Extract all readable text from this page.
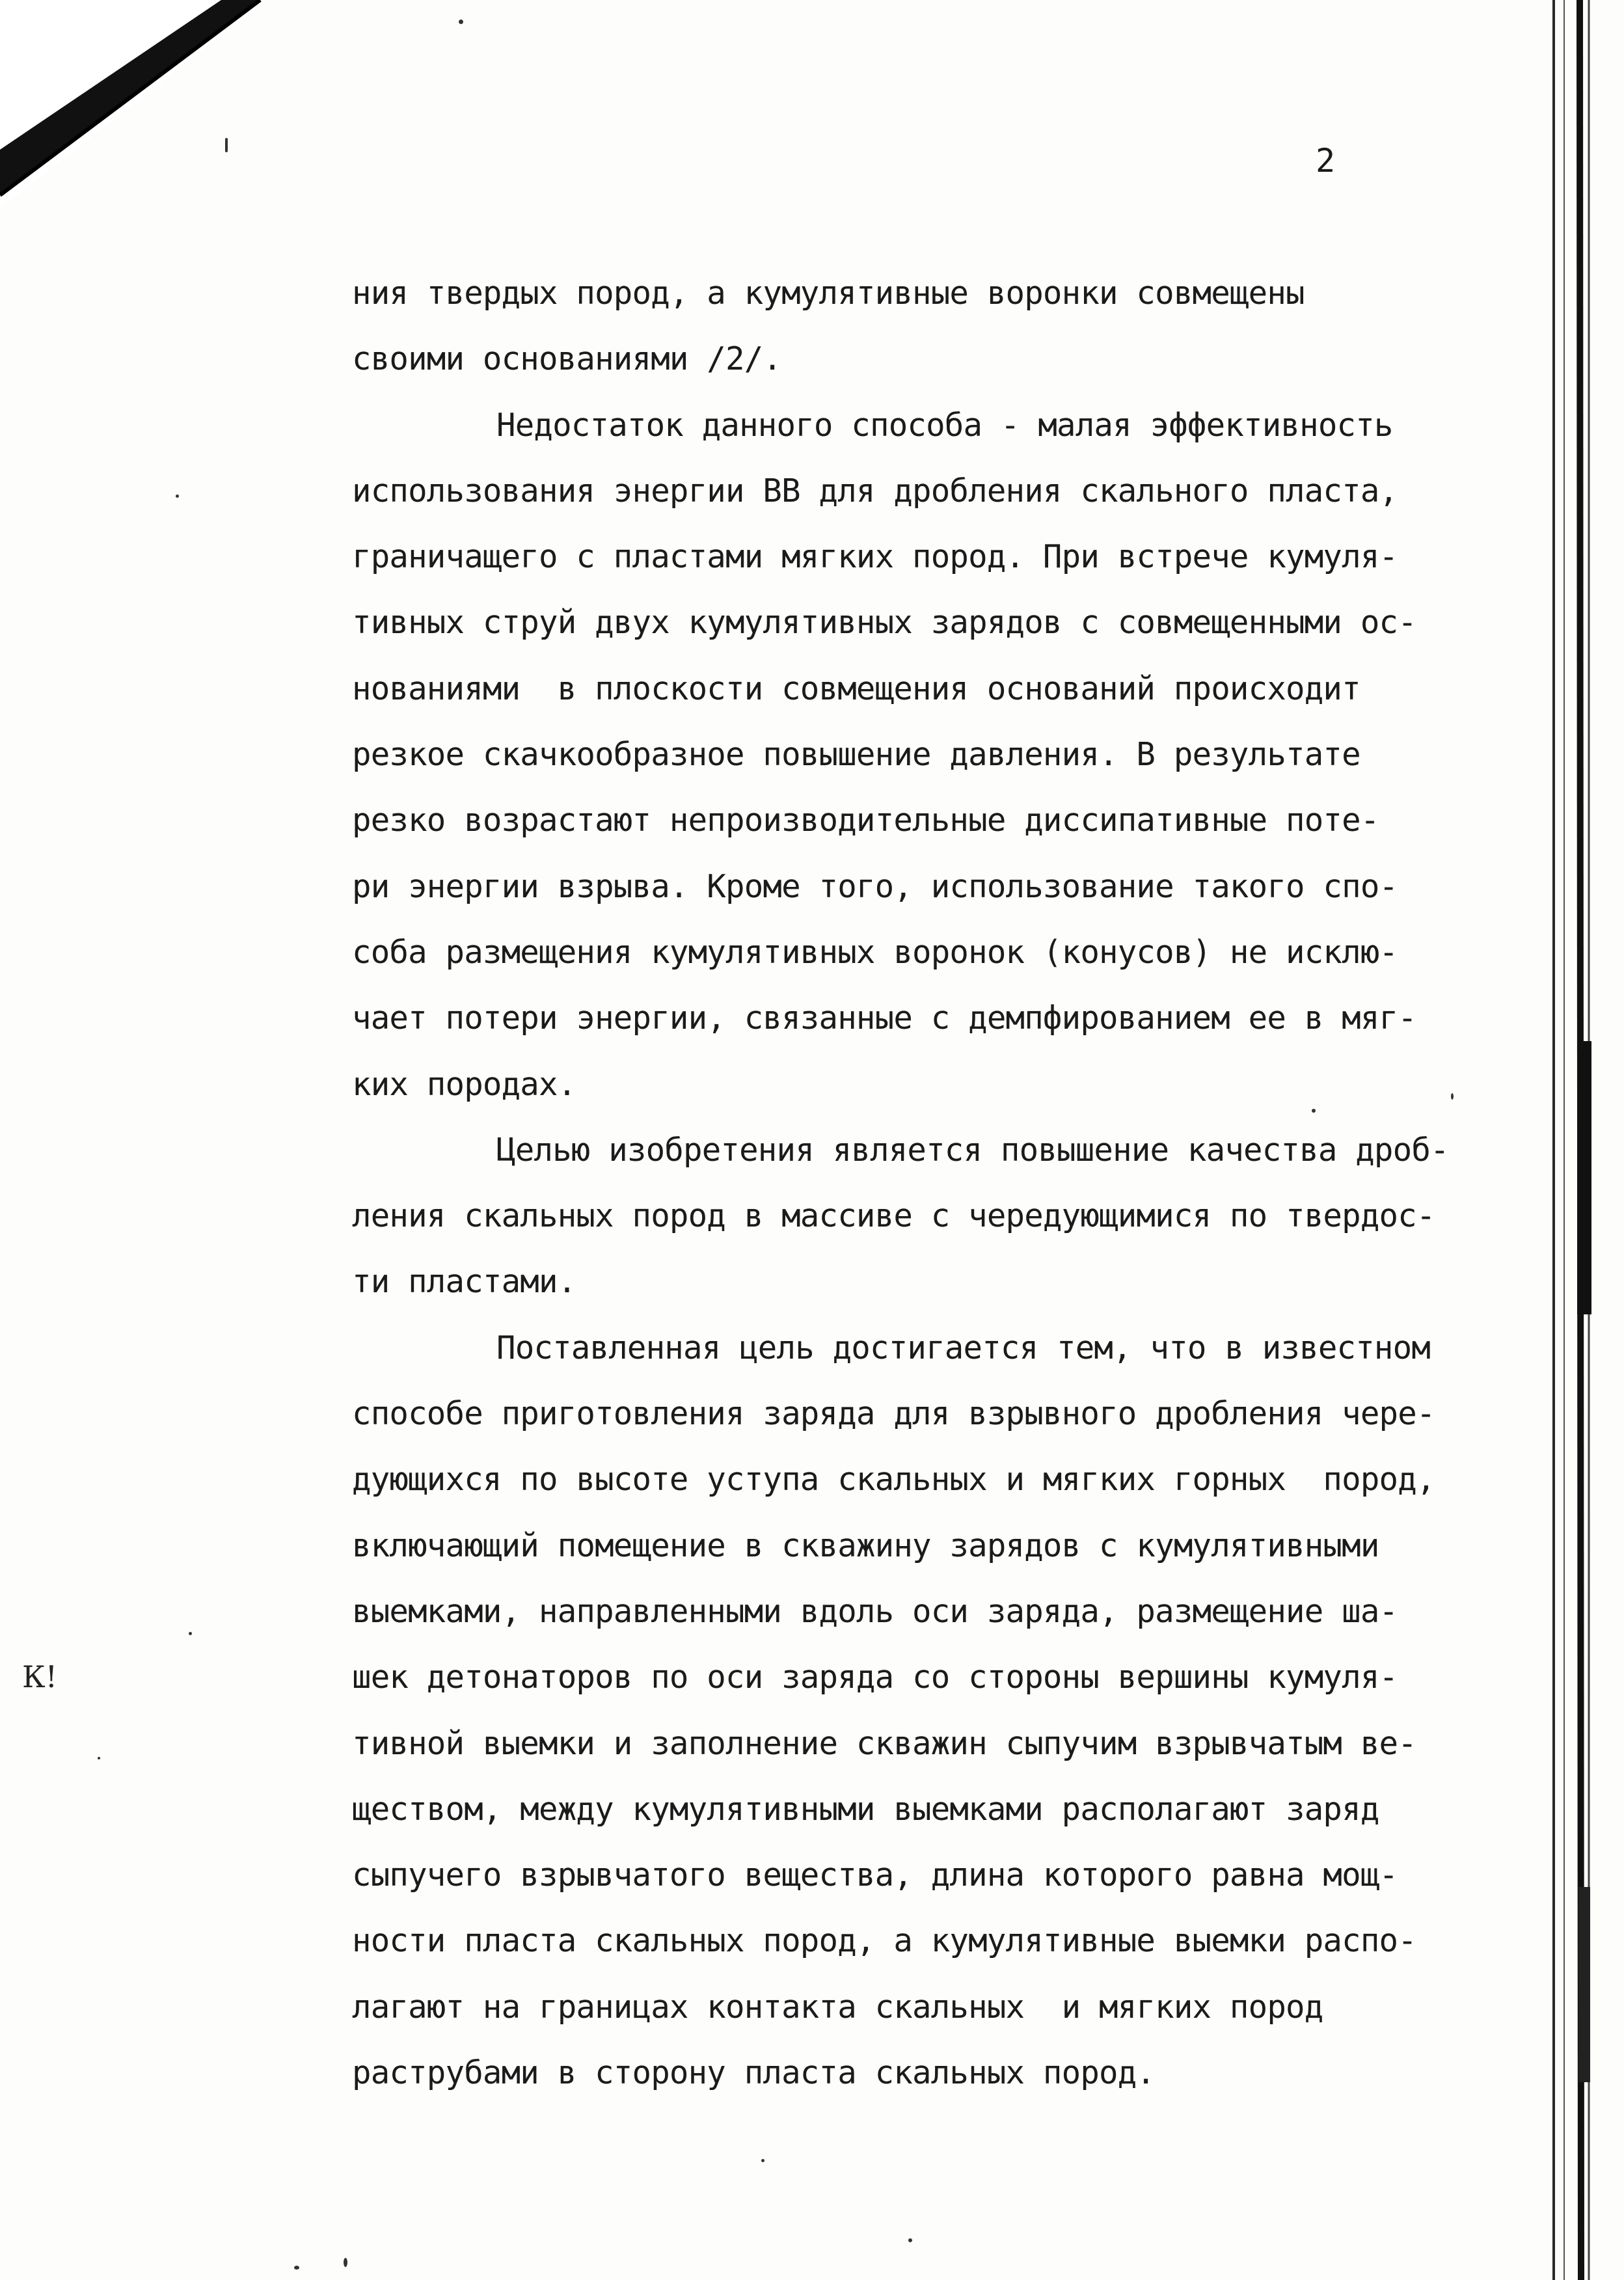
2
К!
ния твердых пород, а кумулятивные воронки совмещены
своими основаниями /2/.
Недостаток данного способа - малая эффективность
использования энергии ВВ для дробления скального пласта,
граничащего с пластами мягких пород. При встрече кумуля-
тивных струй двух кумулятивных зарядов с совмещенными ос-
нованиями  в плоскости совмещения оснований происходит
резкое скачкообразное повышение давления. В результате
резко возрастают непроизводительные диссипативные поте-
ри энергии взрыва. Кроме того, использование такого спо-
соба размещения кумулятивных воронок (конусов) не исклю-
чает потери энергии, связанные с демпфированием ее в мяг-
ких породах.
Целью изобретения является повышение качества дроб-
ления скальных пород в массиве с чередующимися по твердос-
ти пластами.
Поставленная цель достигается тем, что в известном
способе приготовления заряда для взрывного дробления чере-
дующихся по высоте уступа скальных и мягких горных  пород,
включающий помещение в скважину зарядов с кумулятивными
выемками, направленными вдоль оси заряда, размещение ша-
шек детонаторов по оси заряда со стороны вершины кумуля-
тивной выемки и заполнение скважин сыпучим взрывчатым ве-
ществом, между кумулятивными выемками располагают заряд
сыпучего взрывчатого вещества, длина которого равна мощ-
ности пласта скальных пород, а кумулятивные выемки распо-
лагают на границах контакта скальных  и мягких пород
раструбами в сторону пласта скальных пород.
